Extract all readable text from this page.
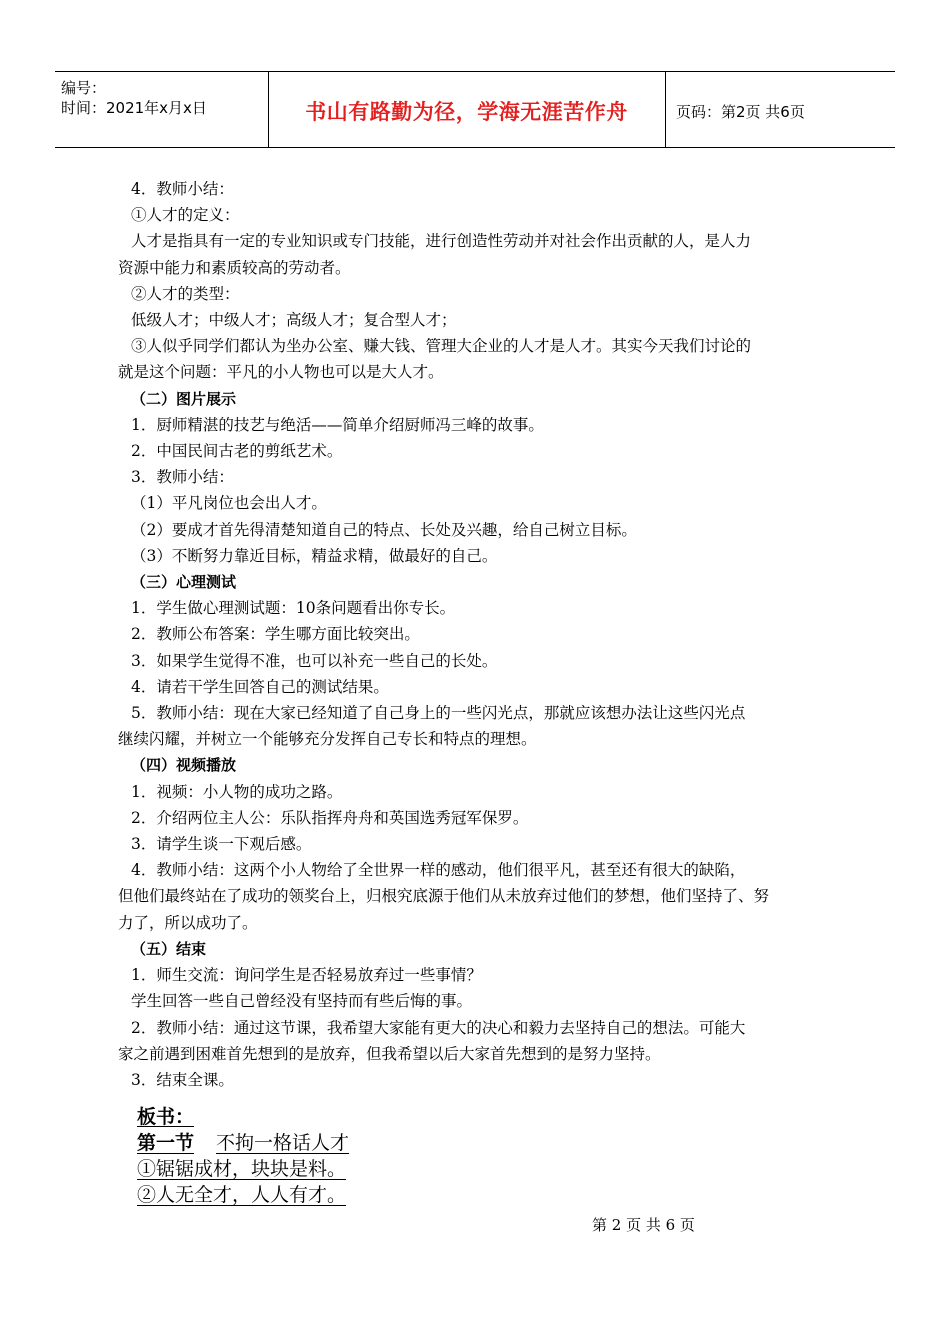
编号：
时间：2021年x月x日	书山有路勤为径，学海无涯苦作舟	页码：第2页 共6页

4．教师小结：

①人才的定义：

人才是指具有一定的专业知识或专门技能，进行创造性劳动并对社会作出贡献的人，是人力

资源中能力和素质较高的劳动者。

②人才的类型：

低级人才；中级人才；高级人才；复合型人才；

③人似乎同学们都认为坐办公室、赚大钱、管理大企业的人才是人才。其实今天我们讨论的

就是这个问题：平凡的小人物也可以是大人才。

（二）图片展示

1．厨师精湛的技艺与绝活——简单介绍厨师冯三峰的故事。

2．中国民间古老的剪纸艺术。

3．教师小结：

（1）平凡岗位也会出人才。

（2）要成才首先得清楚知道自己的特点、长处及兴趣，给自己树立目标。

（3）不断努力靠近目标，精益求精，做最好的自己。

（三）心理测试

1．学生做心理测试题：10条问题看出你专长。

2．教师公布答案：学生哪方面比较突出。

3．如果学生觉得不准，也可以补充一些自己的长处。

4．请若干学生回答自己的测试结果。

5．教师小结：现在大家已经知道了自己身上的一些闪光点，那就应该想办法让这些闪光点

继续闪耀，并树立一个能够充分发挥自己专长和特点的理想。

（四）视频播放

1．视频：小人物的成功之路。

2．介绍两位主人公：乐队指挥舟舟和英国选秀冠军保罗。

3．请学生谈一下观后感。

4．教师小结：这两个小人物给了全世界一样的感动，他们很平凡，甚至还有很大的缺陷，

但他们最终站在了成功的领奖台上，归根究底源于他们从未放弃过他们的梦想，他们坚持了、努

力了，所以成功了。

（五）结束

1．师生交流：询问学生是否轻易放弃过一些事情？

学生回答一些自己曾经没有坚持而有些后悔的事。

2．教师小结：通过这节课，我希望大家能有更大的决心和毅力去坚持自己的想法。可能大

家之前遇到困难首先想到的是放弃，但我希望以后大家首先想到的是努力坚持。

3．结束全课。

板书：

第一节 不拘一格话人才

①锯锯成材，块块是料。

②人无全才，人人有才。

第 2 页 共 6 页
